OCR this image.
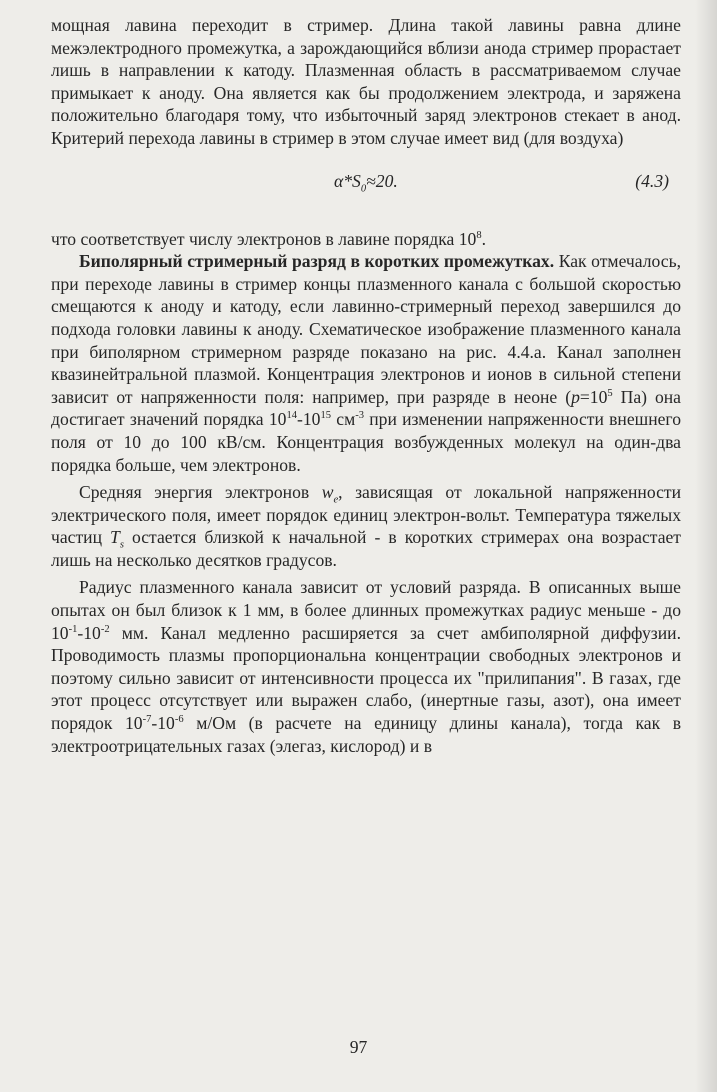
мощная лавина переходит в стример. Длина такой лавины равна длине межэлектродного промежутка, а зарождающийся вблизи анода стример прорастает лишь в направлении к катоду. Плазменная область в рассматриваемом случае примыкает к аноду. Она является как бы продолжением электрода, и заряжена положительно благодаря тому, что избыточный заряд электронов стекает в анод. Критерий перехода лавины в стример в этом случае имеет вид (для воздуха)

$\alpha*S_0\approx 20$.	(4.3)

что соответствует числу электронов в лавине порядка $10^8$.

Биполярный стримерный разряд в коротких промежутках. Как отмечалось, при переходе лавины в стример концы плазменного канала с большой скоростью смещаются к аноду и катоду, если лавинно-стримерный переход завершился до подхода головки лавины к аноду. Схематическое изображение плазменного канала при биполярном стримерном разряде показано на рис. 4.4.а. Канал заполнен квазинейтральной плазмой. Концентрация электронов и ионов в сильной степени зависит от напряженности поля: например, при разряде в неоне ($p=10^5$ Па) она достигает значений порядка $10^{14}-10^{15}$ $см^{-3}$ при изменении напряженности внешнего поля от 10 до 100 кВ/см. Концентрация возбужденных молекул на один-два порядка больше, чем электронов.

Средняя энергия электронов $w_e$, зависящая от локальной напряженности электрического поля, имеет порядок единиц электрон-вольт. Температура тяжелых частиц $T_s$ остается близкой к начальной - в коротких стримерах она возрастает лишь на несколько десятков градусов.

Радиус плазменного канала зависит от условий разряда. В описанных выше опытах он был близок к 1 мм, в более длинных промежутках радиус меньше - до $10^{-1}-10^{-2}$ мм. Канал медленно расширяется за счет амбиполярной диффузии. Проводимость плазмы пропорциональна концентрации свободных электронов и поэтому сильно зависит от интенсивности процесса их "прилипания". В газах, где этот процесс отсутствует или выражен слабо, (инертные газы, азот), она имеет порядок $10^{-7}-10^{-6}$ м/Ом (в расчете на единицу длины канала), тогда как в электроотрицательных газах (элегаз, кислород) и в

97
